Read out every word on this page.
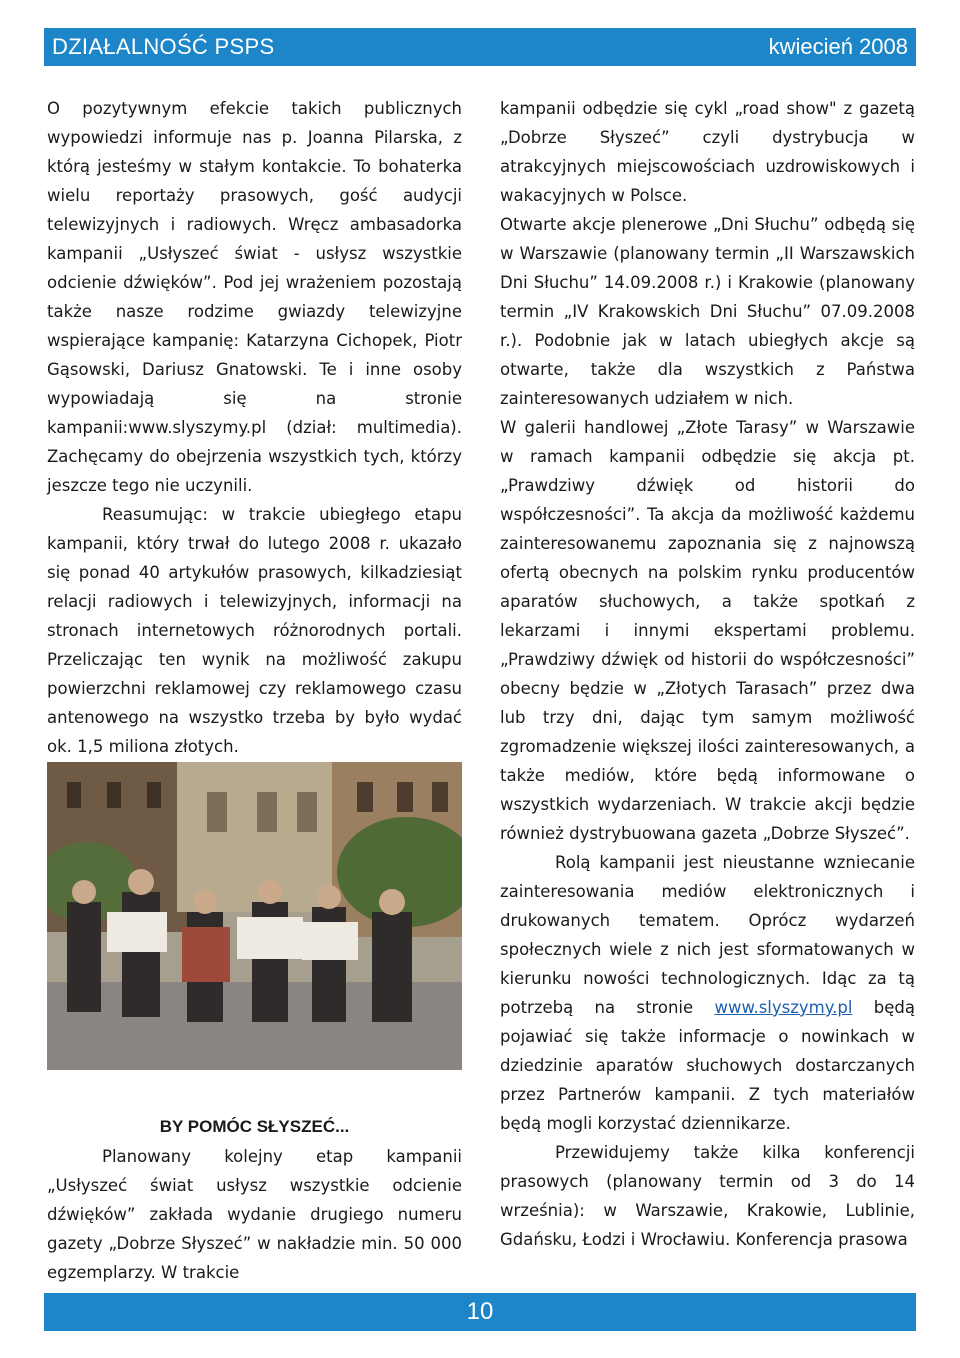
DZIAŁALNOŚĆ PSPS	kwiecień 2008

O pozytywnym efekcie takich publicznych wypowiedzi informuje nas p. Joanna Pilarska, z którą jesteśmy w stałym kontakcie. To bohaterka wielu reportaży prasowych, gość audycji telewizyjnych i radiowych. Wręcz ambasadorka kampanii „Usłyszeć świat - usłysz wszystkie odcienie dźwięków”. Pod jej wrażeniem pozostają także nasze rodzime gwiazdy telewizyjne wspierające kampanię: Katarzyna Cichopek, Piotr Gąsowski, Dariusz Gnatowski. Te i inne osoby wypowiadają się na stronie kampanii:www.slyszymy.pl (dział: multimedia). Zachęcamy do obejrzenia wszystkich tych, którzy jeszcze tego nie uczynili.

Reasumując: w trakcie ubiegłego etapu kampanii, który trwał do lutego 2008 r. ukazało się ponad 40 artykułów prasowych, kilkadziesiąt relacji radiowych i telewizyjnych, informacji na stronach internetowych różnorodnych portali. Przeliczając ten wynik na możliwość zakupu powierzchni reklamowej czy reklamowego czasu antenowego na wszystko trzeba by było wydać ok. 1,5 miliona złotych.

BY POMÓC SŁYSZEĆ...

Planowany kolejny etap kampanii „Usłyszeć świat usłysz wszystkie odcienie dźwięków” zakłada wydanie drugiego numeru gazety „Dobrze Słyszeć” w nakładzie min. 50 000 egzemplarzy. W trakcie

kampanii odbędzie się cykl „road show" z gazetą „Dobrze Słyszeć” czyli dystrybucja w atrakcyjnych miejscowościach uzdrowiskowych i wakacyjnych w Polsce.

Otwarte akcje plenerowe „Dni Słuchu” odbędą się w Warszawie (planowany termin „II Warszawskich Dni Słuchu” 14.09.2008 r.) i Krakowie (planowany termin „IV Krakowskich Dni Słuchu” 07.09.2008 r.). Podobnie jak w latach ubiegłych akcje są otwarte, także dla wszystkich z Państwa zainteresowanych udziałem w nich.

W galerii handlowej „Złote Tarasy” w Warszawie w ramach kampanii odbędzie się akcja pt. „Prawdziwy dźwięk od historii do współczesności”. Ta akcja da możliwość każdemu zainteresowanemu zapoznania się z najnowszą ofertą obecnych na polskim rynku producentów aparatów słuchowych, a także spotkań z lekarzami i innymi ekspertami problemu. „Prawdziwy dźwięk od historii do współczesności” obecny będzie w „Złotych Tarasach” przez dwa lub trzy dni, dając tym samym możliwość zgromadzenie większej ilości zainteresowanych, a także mediów, które będą informowane o wszystkich wydarzeniach. W trakcie akcji będzie również dystrybuowana gazeta „Dobrze Słyszeć”.

Rolą kampanii jest nieustanne wzniecanie zainteresowania mediów elektronicznych i drukowanych tematem. Oprócz wydarzeń społecznych wiele z nich jest sformatowanych w kierunku nowości technologicznych. Idąc za tą potrzebą na stronie www.slyszymy.pl będą pojawiać się także informacje o nowinkach w dziedzinie aparatów słuchowych dostarczanych przez Partnerów kampanii. Z tych materiałów będą mogli korzystać dziennikarze.

Przewidujemy także kilka konferencji prasowych (planowany termin od 3 do 14 września): w Warszawie, Krakowie, Lublinie, Gdańsku, Łodzi i Wrocławiu. Konferencja prasowa

10
